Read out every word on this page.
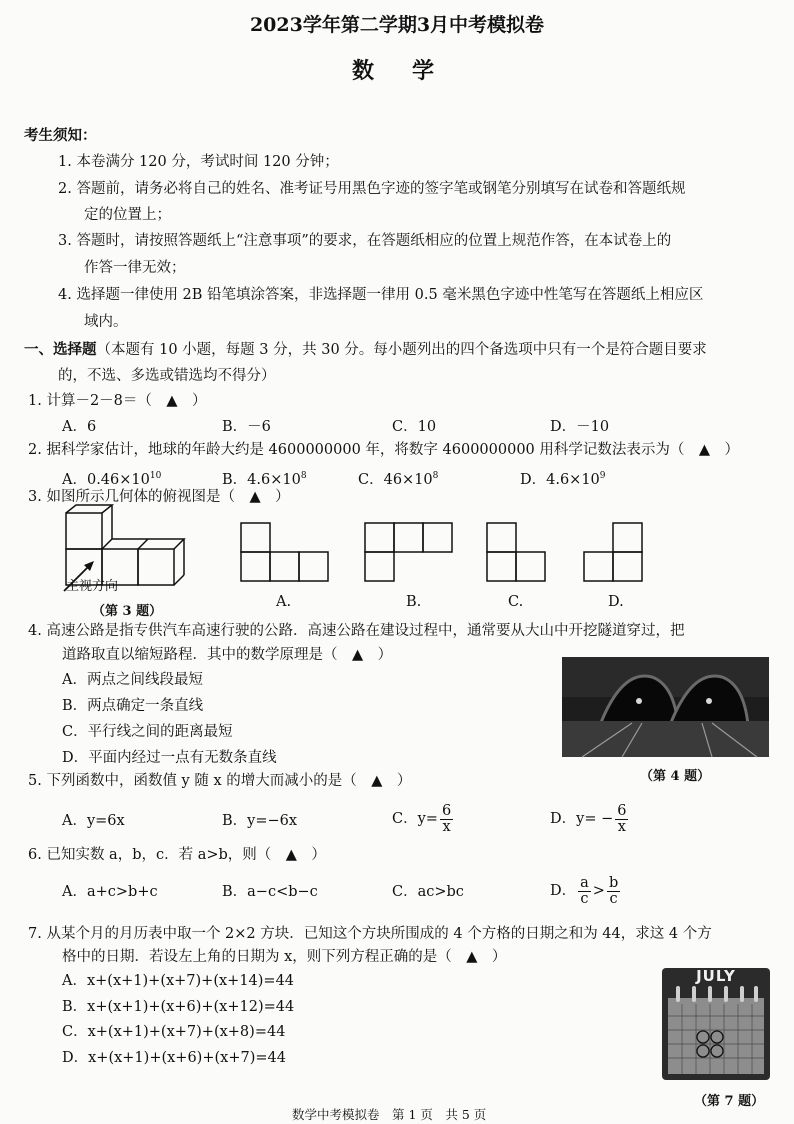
2023学年第二学期3月中考模拟卷
数　学
考生须知：
1. 本卷满分 120 分，考试时间 120 分钟；
2. 答题前，请务必将自己的姓名、准考证号用黑色字迹的签字笔或钢笔分别填写在试卷和答题纸规
定的位置上；
3. 答题时，请按照答题纸上“注意事项”的要求，在答题纸相应的位置上规范作答，在本试卷上的
作答一律无效；
4. 选择题一律使用 2B 铅笔填涂答案，非选择题一律用 0.5 毫米黑色字迹中性笔写在答题纸上相应区
域内。
一、选择题（本题有 10 小题，每题 3 分，共 30 分。每小题列出的四个备选项中只有一个是符合题目要求
的，不选、多选或错选均不得分）
1. 计算－2－8＝（　▲　）
A．6	B．－6	C．10	D．－10
2. 据科学家估计，地球的年龄大约是 4600000000 年，将数字 4600000000 用科学记数法表示为（　▲　）
A．$0.46\times 10^{10}$	B．$4.6\times 10^8$	C．$46\times 10^8$	D．$4.6\times 10^9$
3. 如图所示几何体的俯视图是（　▲　）
主视方向
（第 3 题）
A.	B.	C.	D.
4. 高速公路是指专供汽车高速行驶的公路．高速公路在建设过程中，通常要从大山中开挖隧道穿过，把
道路取直以缩短路程．其中的数学原理是（　▲　）
A．两点之间线段最短
B．两点确定一条直线
C．平行线之间的距离最短
D．平面内经过一点有无数条直线
（第 4 题）
5. 下列函数中，函数值 y 随 x 的增大而减小的是（　▲　）
A．y=6x	B．y=−6x	C．$y= \frac{6}{x}$	D．$y= - \frac{6}{x}$
6. 已知实数 a，b，c．若 a>b，则（　▲　）
A．a+c>b+c	B．a−c<b−c	C．ac>bc	D． $\frac{a}{c} > \frac{b}{c}$
7. 从某个月的月历表中取一个 2×2 方块．已知这个方块所围成的 4 个方格的日期之和为 44，求这 4 个方
格中的日期．若设左上角的日期为 x，则下列方程正确的是（　▲　）
A．x+(x+1)+(x+7)+(x+14)=44
B．x+(x+1)+(x+6)+(x+12)=44
C．x+(x+1)+(x+7)+(x+8)=44
D．x+(x+1)+(x+6)+(x+7)=44
JULY
（第 7 题）
数学中考模拟卷　第 1 页　共 5 页
